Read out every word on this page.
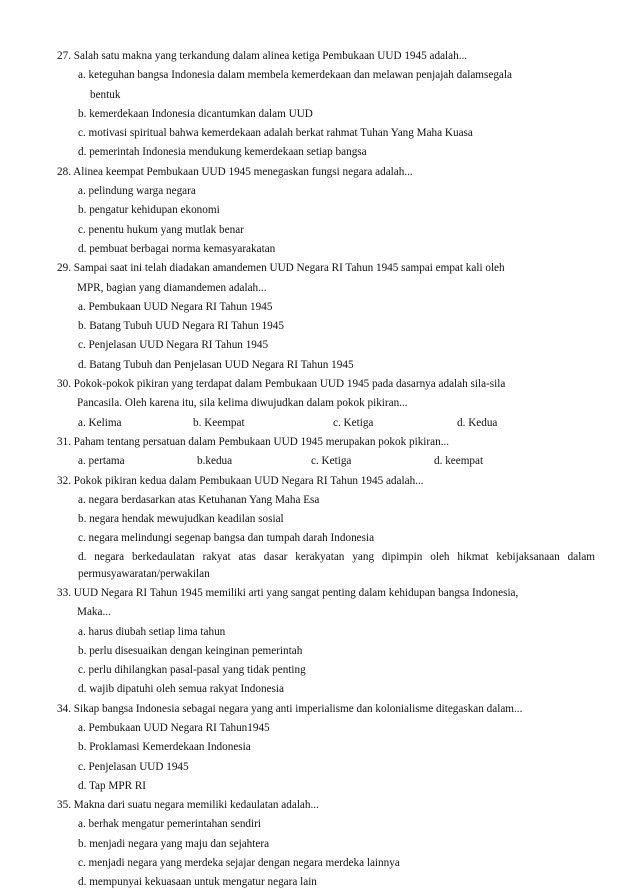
27. Salah satu makna yang terkandung dalam alinea ketiga Pembukaan UUD 1945 adalah...
a. keteguhan bangsa Indonesia dalam membela kemerdekaan dan melawan penjajah dalamsegala
bentuk
b. kemerdekaan Indonesia dicantumkan dalam UUD
c. motivasi spiritual bahwa kemerdekaan adalah berkat rahmat Tuhan Yang Maha Kuasa
d. pemerintah Indonesia mendukung kemerdekaan setiap bangsa
28. Alinea keempat Pembukaan UUD 1945 menegaskan fungsi negara adalah...
a. pelindung warga negara
b. pengatur kehidupan ekonomi
c. penentu hukum yang mutlak benar
d. pembuat berbagai norma kemasyarakatan
29. Sampai saat ini telah diadakan amandemen UUD Negara RI Tahun 1945 sampai empat kali oleh
MPR, bagian yang diamandemen adalah...
a. Pembukaan UUD Negara RI Tahun 1945
b. Batang Tubuh UUD Negara RI Tahun 1945
c. Penjelasan UUD Negara RI Tahun 1945
d. Batang Tubuh dan Penjelasan UUD Negara RI Tahun 1945
30. Pokok-pokok pikiran yang terdapat dalam Pembukaan UUD 1945 pada dasarnya adalah sila-sila
Pancasila. Oleh karena itu, sila kelima diwujudkan dalam pokok pikiran...
a. Kelima	b. Keempat	c. Ketiga	d. Kedua
31. Paham tentang persatuan dalam Pembukaan UUD 1945 merupakan pokok pikiran...
a. pertama	b.kedua	c. Ketiga	d. keempat
32. Pokok pikiran kedua dalam Pembukaan UUD Negara RI Tahun 1945 adalah...
a. negara berdasarkan atas Ketuhanan Yang Maha Esa
b. negara hendak mewujudkan keadilan sosial
c. negara melindungi segenap bangsa dan tumpah darah Indonesia
d. negara berkedaulatan rakyat atas dasar kerakyatan yang dipimpin oleh hikmat kebijaksanaan dalam permusyawaratan/perwakilan
33. UUD Negara RI Tahun 1945 memiliki arti yang sangat penting dalam kehidupan bangsa Indonesia,
Maka...
a. harus diubah setiap lima tahun
b. perlu disesuaikan dengan keinginan pemerintah
c. perlu dihilangkan pasal-pasal yang tidak penting
d. wajib dipatuhi oleh semua rakyat Indonesia
34. Sikap bangsa Indonesia sebagai negara yang anti imperialisme dan kolonialisme ditegaskan dalam...
a. Pembukaan UUD Negara RI Tahun1945
b. Proklamasi Kemerdekaan Indonesia
c. Penjelasan UUD 1945
d. Tap MPR RI
35. Makna dari suatu negara memiliki kedaulatan adalah...
a. berhak mengatur pemerintahan sendiri
b. menjadi negara yang maju dan sejahtera
c. menjadi negara yang merdeka sejajar dengan negara merdeka lainnya
d. mempunyai kekuasaan untuk mengatur negara lain
